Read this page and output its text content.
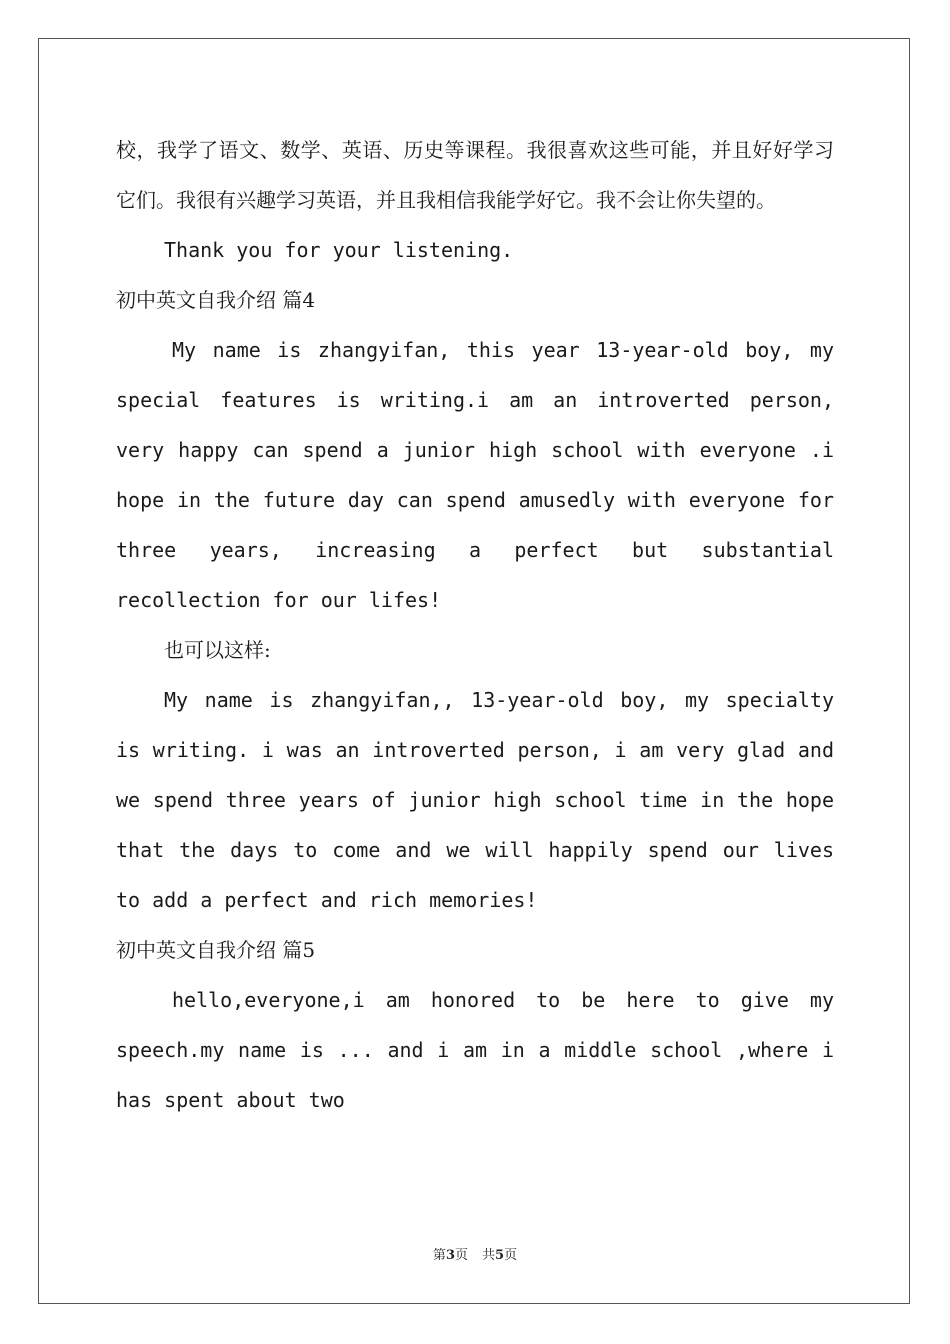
校，我学了语文、数学、英语、历史等课程。我很喜欢这些可能，并且好好学习它们。我很有兴趣学习英语，并且我相信我能学好它。我不会让你失望的。

Thank you for your listening.

初中英文自我介绍 篇4

My name is zhangyifan, this year 13-year-old boy, my special features is writing.i am an introverted person, very happy can spend a junior high school with everyone .i hope in the future day can spend amusedly with everyone for three years, increasing a perfect but substantial recollection for our lifes!

也可以这样:

My name is zhangyifan,, 13-year-old boy, my specialty is writing. i was an introverted person, i am very glad and we spend three years of junior high school time in the hope that the days to come and we will happily spend our lives to add a perfect and rich memories!

初中英文自我介绍 篇5

hello,everyone,i am honored to be here to give my speech.my name is ... and i am in a middle school ,where i has spent about two

第3页 共5页
